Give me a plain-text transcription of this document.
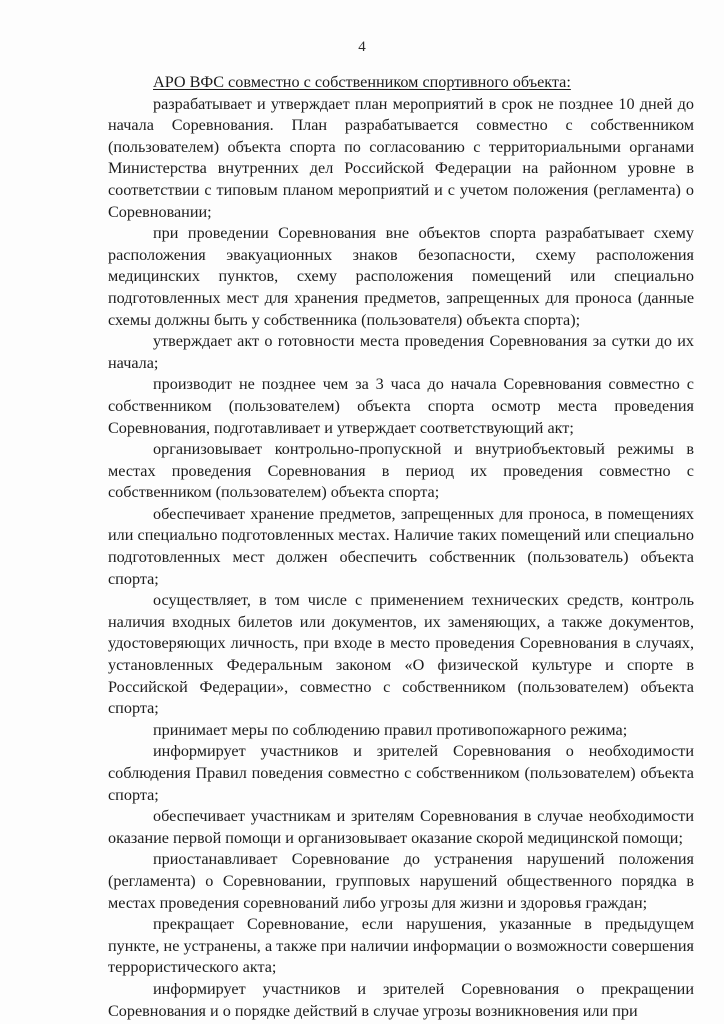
4

АРО ВФС совместно с собственником спортивного объекта:

разрабатывает и утверждает план мероприятий в срок не позднее 10 дней до начала Соревнования. План разрабатывается совместно с собственником (пользователем) объекта спорта по согласованию с территориальными органами Министерства внутренних дел Российской Федерации на районном уровне в соответствии с типовым планом мероприятий и с учетом положения (регламента) о Соревновании;

при проведении Соревнования вне объектов спорта разрабатывает схему расположения эвакуационных знаков безопасности, схему расположения медицинских пунктов, схему расположения помещений или специально подготовленных мест для хранения предметов, запрещенных для проноса (данные схемы должны быть у собственника (пользователя) объекта спорта);

утверждает акт о готовности места проведения Соревнования за сутки до их начала;

производит не позднее чем за 3 часа до начала Соревнования совместно с собственником (пользователем) объекта спорта осмотр места проведения Соревнования, подготавливает и утверждает соответствующий акт;

организовывает контрольно-пропускной и внутриобъектовый режимы в местах проведения Соревнования в период их проведения совместно с собственником (пользователем) объекта спорта;

обеспечивает хранение предметов, запрещенных для проноса, в помещениях или специально подготовленных местах. Наличие таких помещений или специально подготовленных мест должен обеспечить собственник (пользователь) объекта спорта;

осуществляет, в том числе с применением технических средств, контроль наличия входных билетов или документов, их заменяющих, а также документов, удостоверяющих личность, при входе в место проведения Соревнования в случаях, установленных Федеральным законом «О физической культуре и спорте в Российской Федерации», совместно с собственником (пользователем) объекта спорта;

принимает меры по соблюдению правил противопожарного режима;

информирует участников и зрителей Соревнования о необходимости соблюдения Правил поведения совместно с собственником (пользователем) объекта спорта;

обеспечивает участникам и зрителям Соревнования в случае необходимости оказание первой помощи и организовывает оказание скорой медицинской помощи;

приостанавливает Соревнование до устранения нарушений положения (регламента) о Соревновании, групповых нарушений общественного порядка в местах проведения соревнований либо угрозы для жизни и здоровья граждан;

прекращает Соревнование, если нарушения, указанные в предыдущем пункте, не устранены, а также при наличии информации о возможности совершения террористического акта;

информирует участников и зрителей Соревнования о прекращении Соревнования и о порядке действий в случае угрозы возникновения или при
